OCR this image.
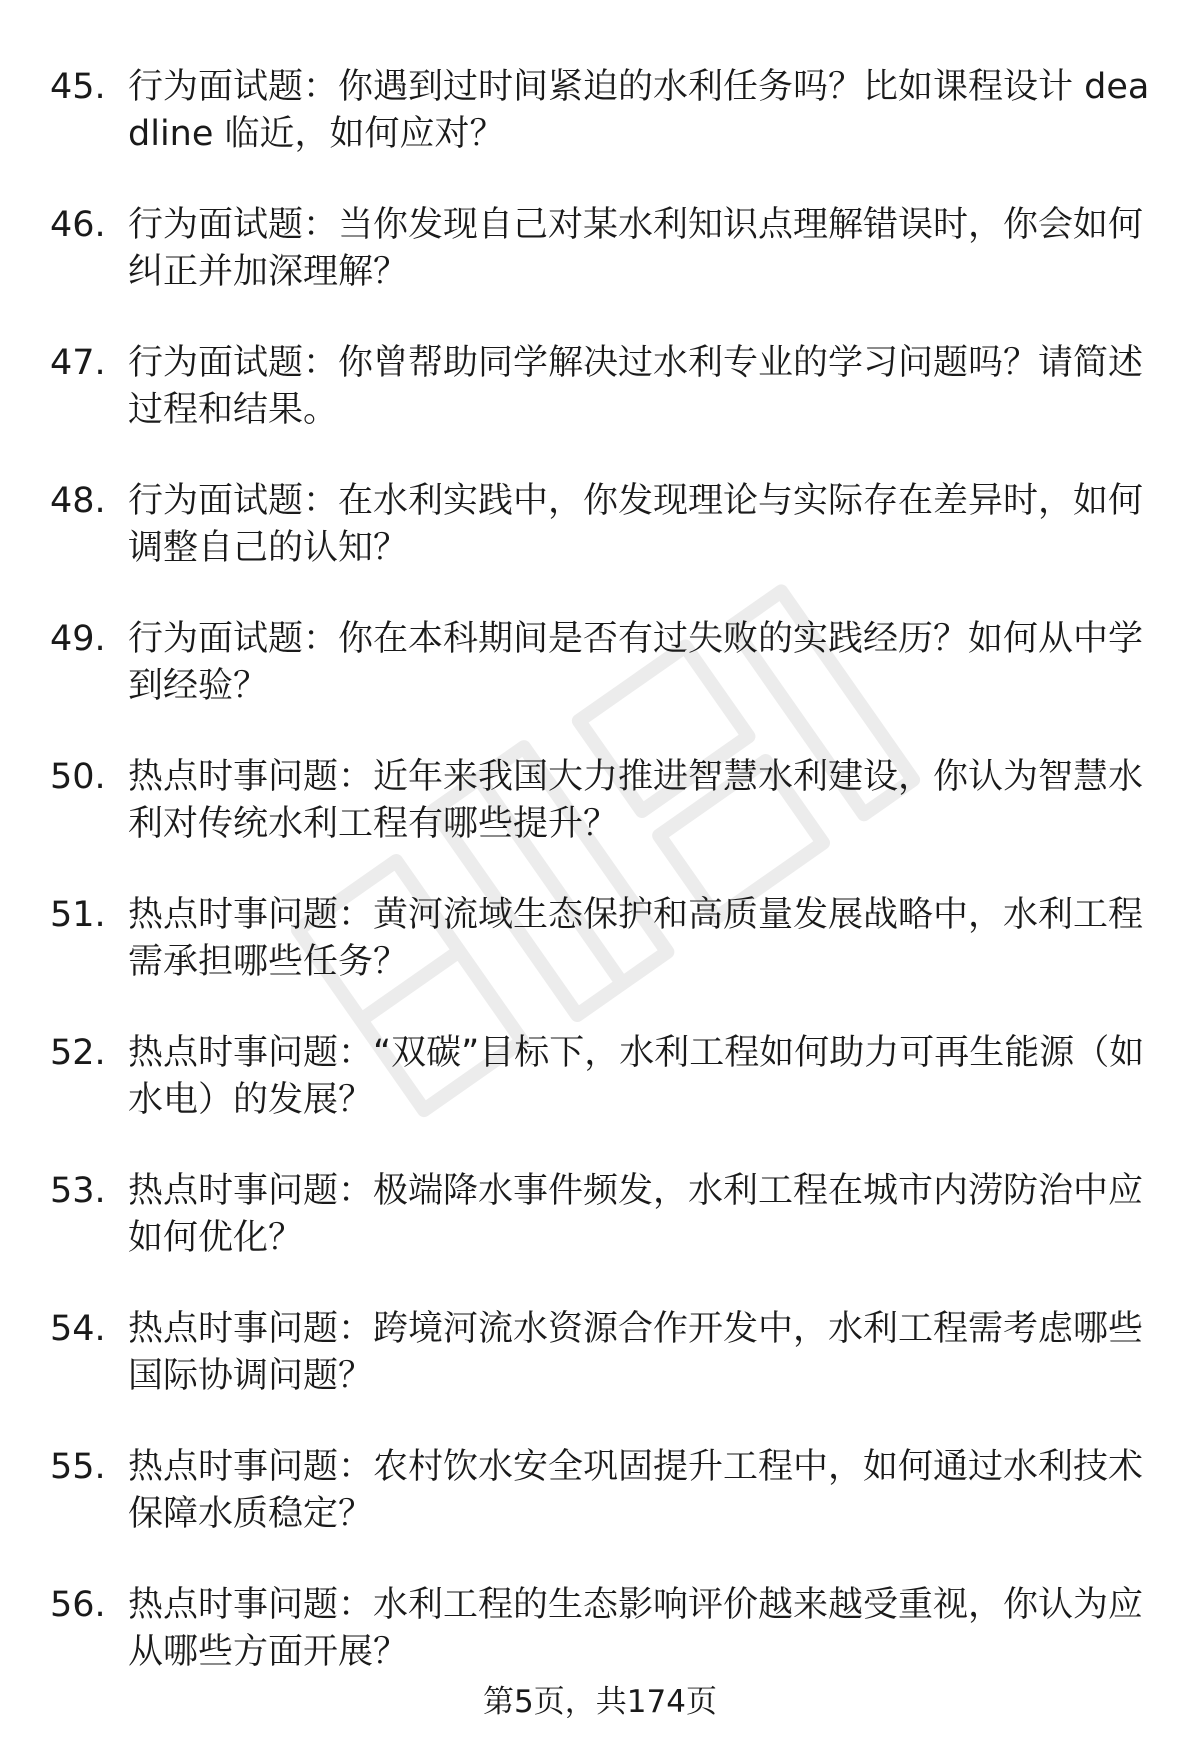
45. 行为面试题：你遇到过时间紧迫的水利任务吗？比如课程设计 deadline 临近，如何应对？
46. 行为面试题：当你发现自己对某水利知识点理解错误时，你会如何纠正并加深理解？
47. 行为面试题：你曾帮助同学解决过水利专业的学习问题吗？请简述过程和结果。
48. 行为面试题：在水利实践中，你发现理论与实际存在差异时，如何调整自己的认知？
49. 行为面试题：你在本科期间是否有过失败的实践经历？如何从中学到经验？
50. 热点时事问题：近年来我国大力推进智慧水利建设，你认为智慧水利对传统水利工程有哪些提升？
51. 热点时事问题：黄河流域生态保护和高质量发展战略中，水利工程需承担哪些任务？
52. 热点时事问题：“双碳”目标下，水利工程如何助力可再生能源（如水电）的发展？
53. 热点时事问题：极端降水事件频发，水利工程在城市内涝防治中应如何优化？
54. 热点时事问题：跨境河流水资源合作开发中，水利工程需考虑哪些国际协调问题？
55. 热点时事问题：农村饮水安全巩固提升工程中，如何通过水利技术保障水质稳定？
56. 热点时事问题：水利工程的生态影响评价越来越受重视，你认为应从哪些方面开展？
第5页，共174页
